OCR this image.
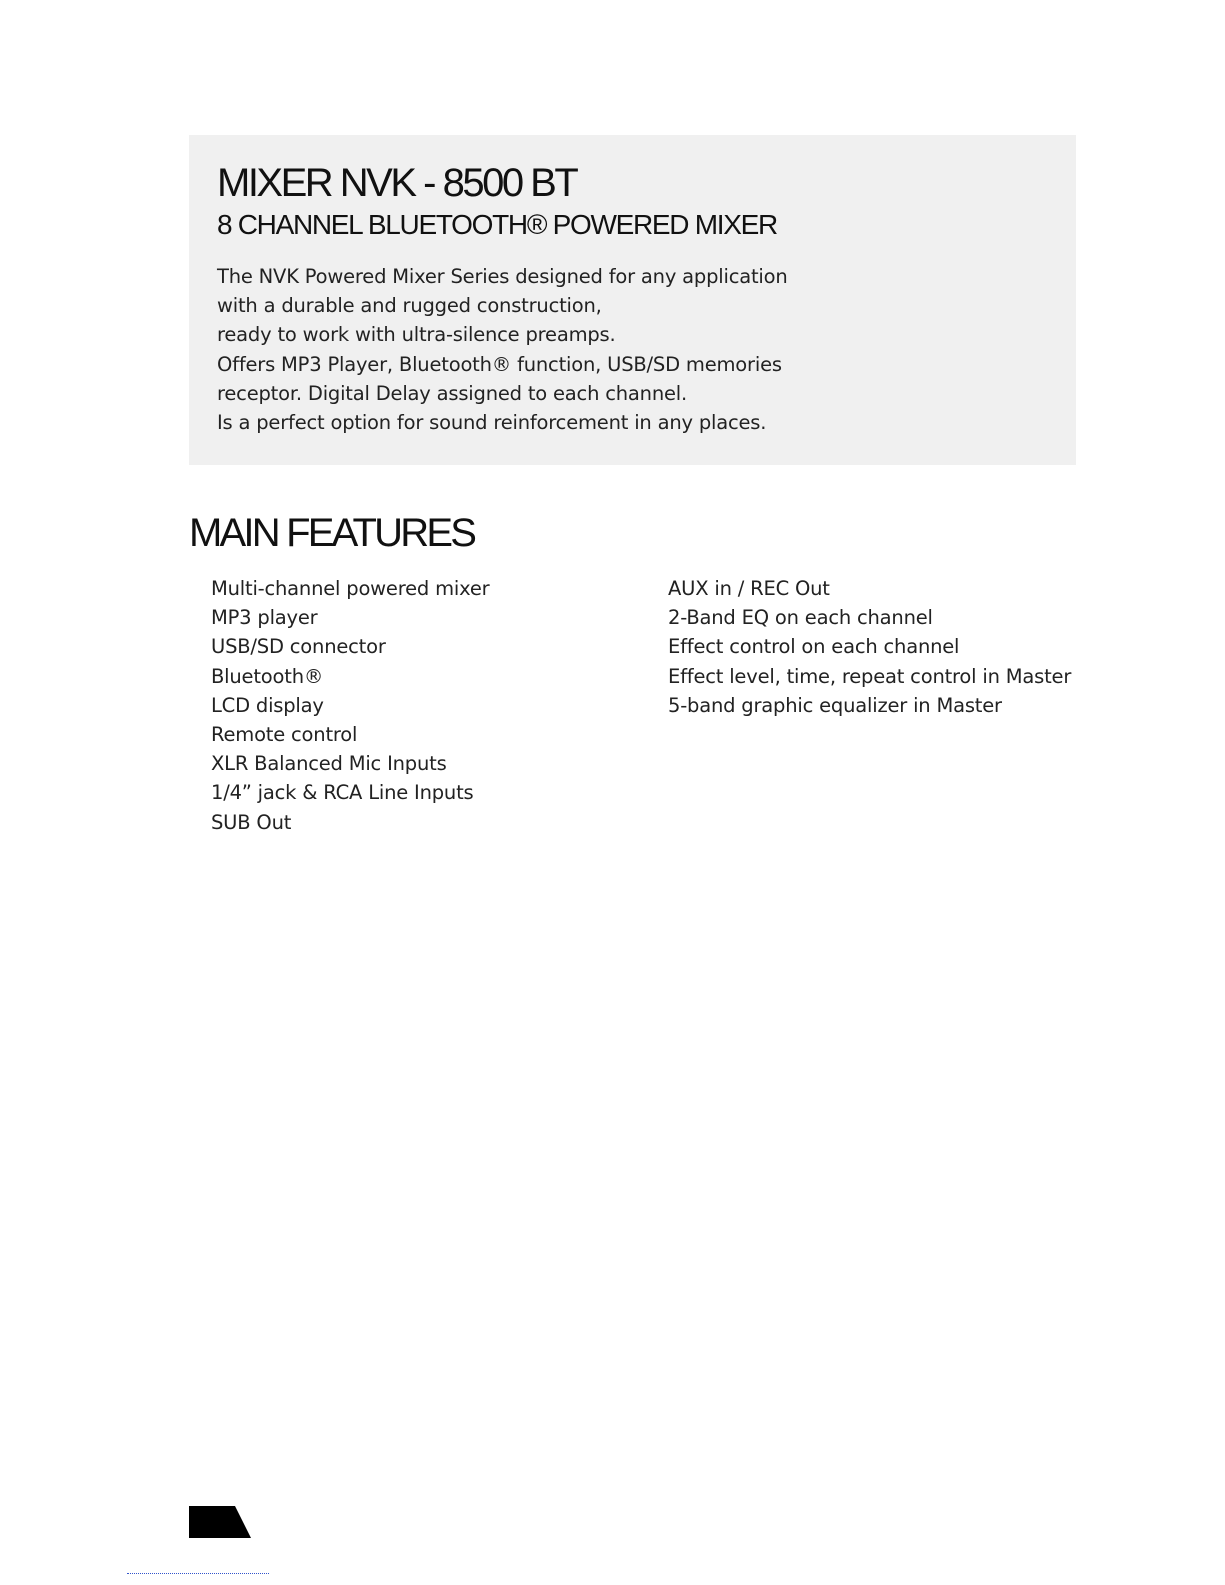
MIXER NVK - 8500 BT
8 CHANNEL BLUETOOTH® POWERED MIXER
The NVK Powered Mixer Series designed for any application
with a durable and rugged construction,
ready to work with ultra-silence preamps.
Offers MP3 Player, Bluetooth® function, USB/SD memories
receptor. Digital Delay assigned to each channel.
Is a perfect option for sound reinforcement in any places.
MAIN FEATURES
Multi-channel powered mixer
MP3 player
USB/SD connector
Bluetooth®
LCD display
Remote control
XLR Balanced Mic Inputs
1/4” jack & RCA Line Inputs
SUB Out
AUX in / REC Out
2-Band EQ on each channel
Effect control on each channel
Effect level, time, repeat control in Master
5-band graphic equalizer in Master
